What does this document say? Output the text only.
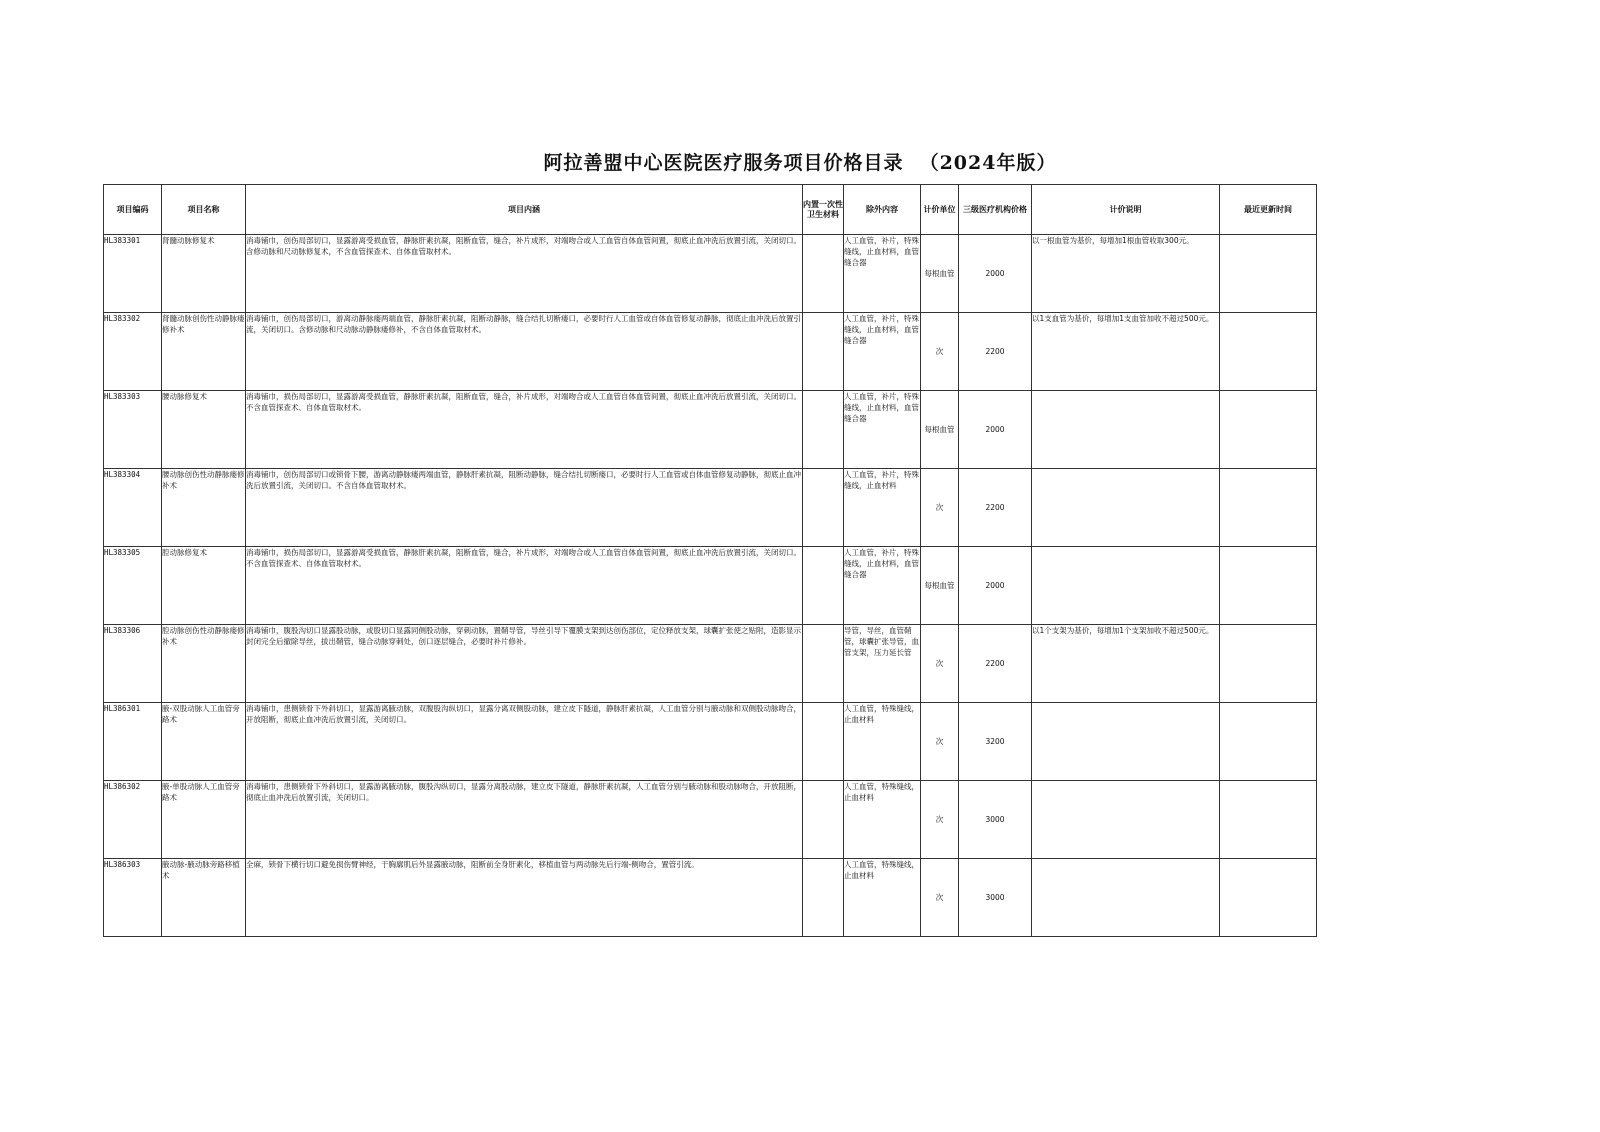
阿拉善盟中心医院医疗服务项目价格目录 （2024年版）
项目编码	项目名称	项目内涵	内置一次性卫生材料	除外内容	计价单位	三级医疗机构价格	计价说明	最近更新时间
HL383301	肾髓动脉修复术	消毒铺巾，创伤局部切口，显露游离受损血管，静脉肝素抗凝，阻断血管，缝合，补片成形，对端吻合或人工血管自体血管间置，彻底止血冲洗后放置引流，关闭切口。含修动脉和尺动脉修复术，不含血管探查术、自体血管取材术。		人工血管，补片，特殊缝线，止血材料，血管缝合器	每根血管	2000	以一根血管为基价，每增加1根血管收取300元。	
HL383302	肾髓动脉创伤性动静脉瘘修补术	消毒铺巾，创伤局部切口，游离动静脉瘘两端血管，静脉肝素抗凝，阻断动静脉，缝合结扎切断瘘口，必要时行人工血管或自体血管修复动静脉，彻底止血冲洗后放置引流，关闭切口。含修动脉和尺动脉动静脉瘘修补，不含自体血管取材术。		人工血管，补片，特殊缝线，止血材料，血管缝合器	次	2200	以1支血管为基价，每增加1支血管加收不超过500元。	
HL383303	腰动脉修复术	消毒铺巾，损伤局部切口，显露游离受损血管，静脉肝素抗凝，阻断血管，缝合，补片成形，对端吻合或人工血管自体血管间置，彻底止血冲洗后放置引流，关闭切口。不含血管探查术、自体血管取材术。		人工血管，补片，特殊缝线，止血材料，血管缝合器	每根血管	2000		
HL383304	腰动脉创伤性动静脉瘘修补术	消毒铺巾，创伤局部切口或锁骨下腰，游离动静脉瘘两端血管，静脉肝素抗凝，阻断动静脉，缝合结扎切断瘘口，必要时行人工血管或自体血管修复动静脉，彻底止血冲洗后放置引流，关闭切口。不含自体血管取材术。		人工血管，补片，特殊缝线，止血材料	次	2200		
HL383305	腔动脉修复术	消毒铺巾，损伤局部切口，显露游离受损血管，静脉肝素抗凝，阻断血管，缝合，补片成形，对端吻合或人工血管自体血管间置，彻底止血冲洗后放置引流，关闭切口。不含血管探查术、自体血管取材术。		人工血管，补片，特殊缝线，止血材料，血管缝合器	每根血管	2000		
HL383306	腔动脉创伤性动静脉瘘修补术	消毒铺巾，腹股沟切口显露股动脉，或股切口显露同侧股动脉，穿刺动脉，置鞘导管，导丝引导下覆膜支架到达创伤部位，定位释放支架，球囊扩张使之贴附，造影显示封闭完全后撤除导丝，拔出鞘管，缝合动脉穿刺处，创口逐层缝合，必要时补片修补。		导管，导丝，血管鞘管，球囊扩张导管，血管支架，压力延长管	次	2200	以1个支架为基价，每增加1个支架加收不超过500元。	
HL386301	腋-双股动脉人工血管旁路术	消毒铺巾，患侧锁骨下外斜切口，显露游离腋动脉，双腹股沟纵切口，显露分离双侧股动脉，建立皮下隧道，静脉肝素抗凝，人工血管分别与腋动脉和双侧股动脉吻合，开放阻断，彻底止血冲洗后放置引流，关闭切口。		人工血管，特殊缝线，止血材料	次	3200		
HL386302	腋-单股动脉人工血管旁路术	消毒铺巾，患侧锁骨下外斜切口，显露游离腋动脉，腹股沟纵切口，显露分离股动脉，建立皮下隧道，静脉肝素抗凝，人工血管分别与腋动脉和股动脉吻合，开放阻断，彻底止血冲洗后放置引流，关闭切口。		人工血管，特殊缝线，止血材料	次	3000		
HL386303	腋动脉-腋动脉旁路移植术	全麻，锁骨下横行切口避免损伤臂神经，于胸廓肌后外显露腋动脉，阻断前全身肝素化，移植血管与两动脉先后行端-侧吻合，置管引流。		人工血管，特殊缝线，止血材料	次	3000		
